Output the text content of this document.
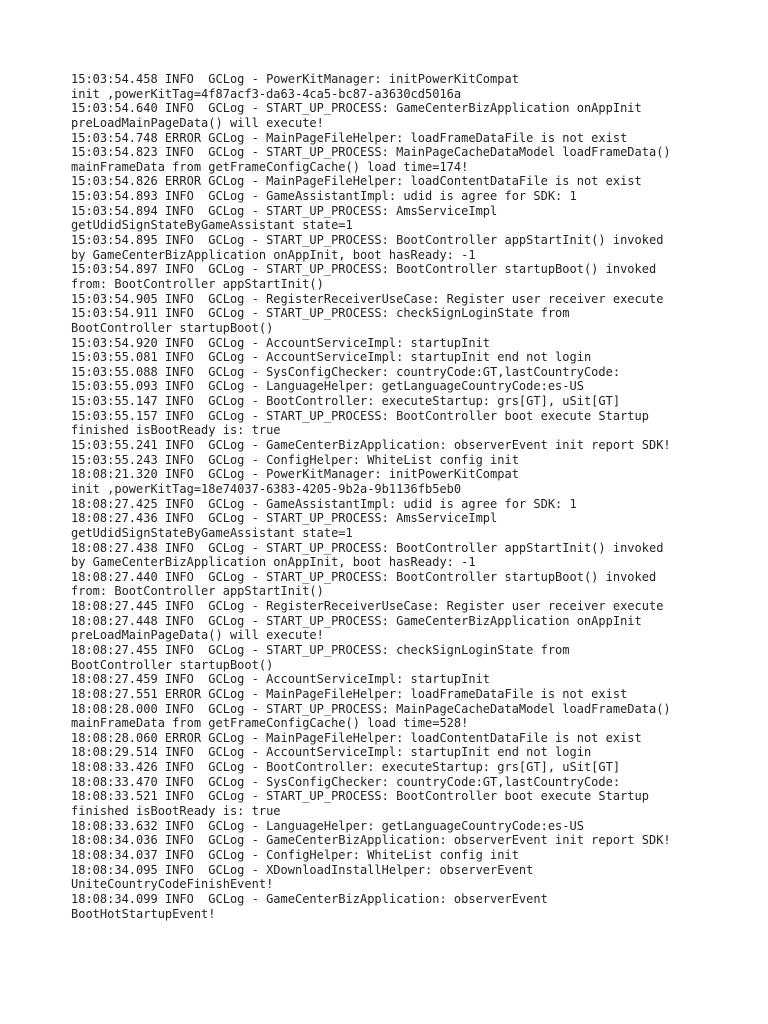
15:03:54.458 INFO  GCLog - PowerKitManager: initPowerKitCompat
init ,powerKitTag=4f87acf3-da63-4ca5-bc87-a3630cd5016a
15:03:54.640 INFO  GCLog - START_UP_PROCESS: GameCenterBizApplication onAppInit
preLoadMainPageData() will execute!
15:03:54.748 ERROR GCLog - MainPageFileHelper: loadFrameDataFile is not exist
15:03:54.823 INFO  GCLog - START_UP_PROCESS: MainPageCacheDataModel loadFrameData()
mainFrameData from getFrameConfigCache() load time=174!
15:03:54.826 ERROR GCLog - MainPageFileHelper: loadContentDataFile is not exist
15:03:54.893 INFO  GCLog - GameAssistantImpl: udid is agree for SDK: 1
15:03:54.894 INFO  GCLog - START_UP_PROCESS: AmsServiceImpl
getUdidSignStateByGameAssistant state=1
15:03:54.895 INFO  GCLog - START_UP_PROCESS: BootController appStartInit() invoked
by GameCenterBizApplication onAppInit, boot hasReady: -1
15:03:54.897 INFO  GCLog - START_UP_PROCESS: BootController startupBoot() invoked
from: BootController appStartInit()
15:03:54.905 INFO  GCLog - RegisterReceiverUseCase: Register user receiver execute
15:03:54.911 INFO  GCLog - START_UP_PROCESS: checkSignLoginState from
BootController startupBoot()
15:03:54.920 INFO  GCLog - AccountServiceImpl: startupInit
15:03:55.081 INFO  GCLog - AccountServiceImpl: startupInit end not login
15:03:55.088 INFO  GCLog - SysConfigChecker: countryCode:GT,lastCountryCode:
15:03:55.093 INFO  GCLog - LanguageHelper: getLanguageCountryCode:es-US
15:03:55.147 INFO  GCLog - BootController: executeStartup: grs[GT], uSit[GT]
15:03:55.157 INFO  GCLog - START_UP_PROCESS: BootController boot execute Startup
finished isBootReady is: true
15:03:55.241 INFO  GCLog - GameCenterBizApplication: observerEvent init report SDK!
15:03:55.243 INFO  GCLog - ConfigHelper: WhiteList config init
18:08:21.320 INFO  GCLog - PowerKitManager: initPowerKitCompat
init ,powerKitTag=18e74037-6383-4205-9b2a-9b1136fb5eb0
18:08:27.425 INFO  GCLog - GameAssistantImpl: udid is agree for SDK: 1
18:08:27.436 INFO  GCLog - START_UP_PROCESS: AmsServiceImpl
getUdidSignStateByGameAssistant state=1
18:08:27.438 INFO  GCLog - START_UP_PROCESS: BootController appStartInit() invoked
by GameCenterBizApplication onAppInit, boot hasReady: -1
18:08:27.440 INFO  GCLog - START_UP_PROCESS: BootController startupBoot() invoked
from: BootController appStartInit()
18:08:27.445 INFO  GCLog - RegisterReceiverUseCase: Register user receiver execute
18:08:27.448 INFO  GCLog - START_UP_PROCESS: GameCenterBizApplication onAppInit
preLoadMainPageData() will execute!
18:08:27.455 INFO  GCLog - START_UP_PROCESS: checkSignLoginState from
BootController startupBoot()
18:08:27.459 INFO  GCLog - AccountServiceImpl: startupInit
18:08:27.551 ERROR GCLog - MainPageFileHelper: loadFrameDataFile is not exist
18:08:28.000 INFO  GCLog - START_UP_PROCESS: MainPageCacheDataModel loadFrameData()
mainFrameData from getFrameConfigCache() load time=528!
18:08:28.060 ERROR GCLog - MainPageFileHelper: loadContentDataFile is not exist
18:08:29.514 INFO  GCLog - AccountServiceImpl: startupInit end not login
18:08:33.426 INFO  GCLog - BootController: executeStartup: grs[GT], uSit[GT]
18:08:33.470 INFO  GCLog - SysConfigChecker: countryCode:GT,lastCountryCode:
18:08:33.521 INFO  GCLog - START_UP_PROCESS: BootController boot execute Startup
finished isBootReady is: true
18:08:33.632 INFO  GCLog - LanguageHelper: getLanguageCountryCode:es-US
18:08:34.036 INFO  GCLog - GameCenterBizApplication: observerEvent init report SDK!
18:08:34.037 INFO  GCLog - ConfigHelper: WhiteList config init
18:08:34.095 INFO  GCLog - XDownloadInstallHelper: observerEvent
UniteCountryCodeFinishEvent!
18:08:34.099 INFO  GCLog - GameCenterBizApplication: observerEvent
BootHotStartupEvent!
